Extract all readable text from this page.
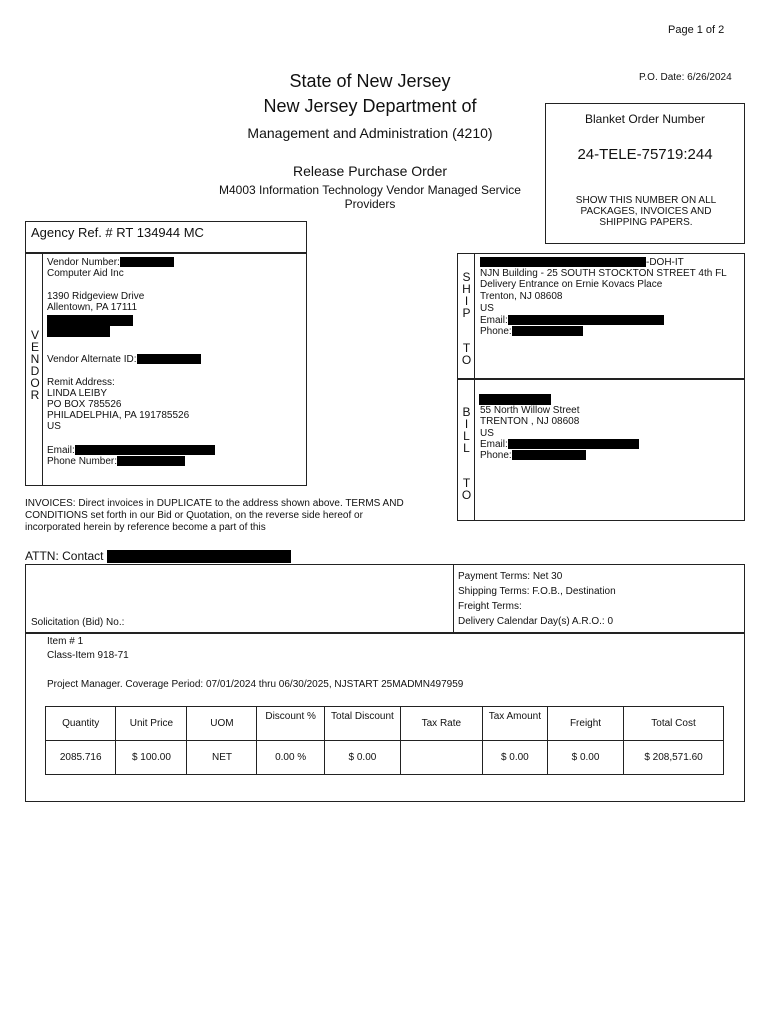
Page 1 of 2
P.O. Date: 6/26/2024
State of New Jersey
New Jersey Department of
Management and Administration (4210)
Release Purchase Order
M4003 Information Technology Vendor Managed Service Providers
Blanket Order Number
24-TELE-75719:244
SHOW THIS NUMBER ON ALL PACKAGES, INVOICES AND SHIPPING PAPERS.
Agency Ref. # RT 134944 MC
V
E
N
D
O
R
Vendor Number:
Computer Aid Inc
1390 Ridgeview Drive
Allentown, PA 17111
Vendor Alternate ID:
Remit Address:
LINDA LEIBY
PO BOX 785526
PHILADELPHIA, PA 191785526
US
Email:
Phone Number:
S
H
I
P
T
O
-DOH-IT
NJN Building - 25 SOUTH STOCKTON STREET 4th FL
Delivery Entrance on Ernie Kovacs Place
Trenton, NJ 08608
US
Email:
Phone:
B
I
L
L
T
O
55 North Willow Street
TRENTON , NJ 08608
US
Email:
Phone:
INVOICES: Direct invoices in DUPLICATE to the address shown above. TERMS AND CONDITIONS set forth in our Bid or Quotation, on the reverse side hereof or incorporated herein by reference become a part of this
ATTN: Contact
Solicitation (Bid) No.:
Payment Terms: Net 30
Shipping Terms: F.O.B., Destination
Freight Terms:
Delivery Calendar Day(s) A.R.O.: 0
Item # 1
Class-Item 918-71
Project Manager. Coverage Period: 07/01/2024 thru 06/30/2025, NJSTART 25MADMN497959
Quantity	Unit Price	UOM	Discount %	Total Discount	Tax Rate	Tax Amount	Freight	Total Cost
2085.716	$ 100.00	NET	0.00 %	$ 0.00		$ 0.00	$ 0.00	$ 208,571.60
